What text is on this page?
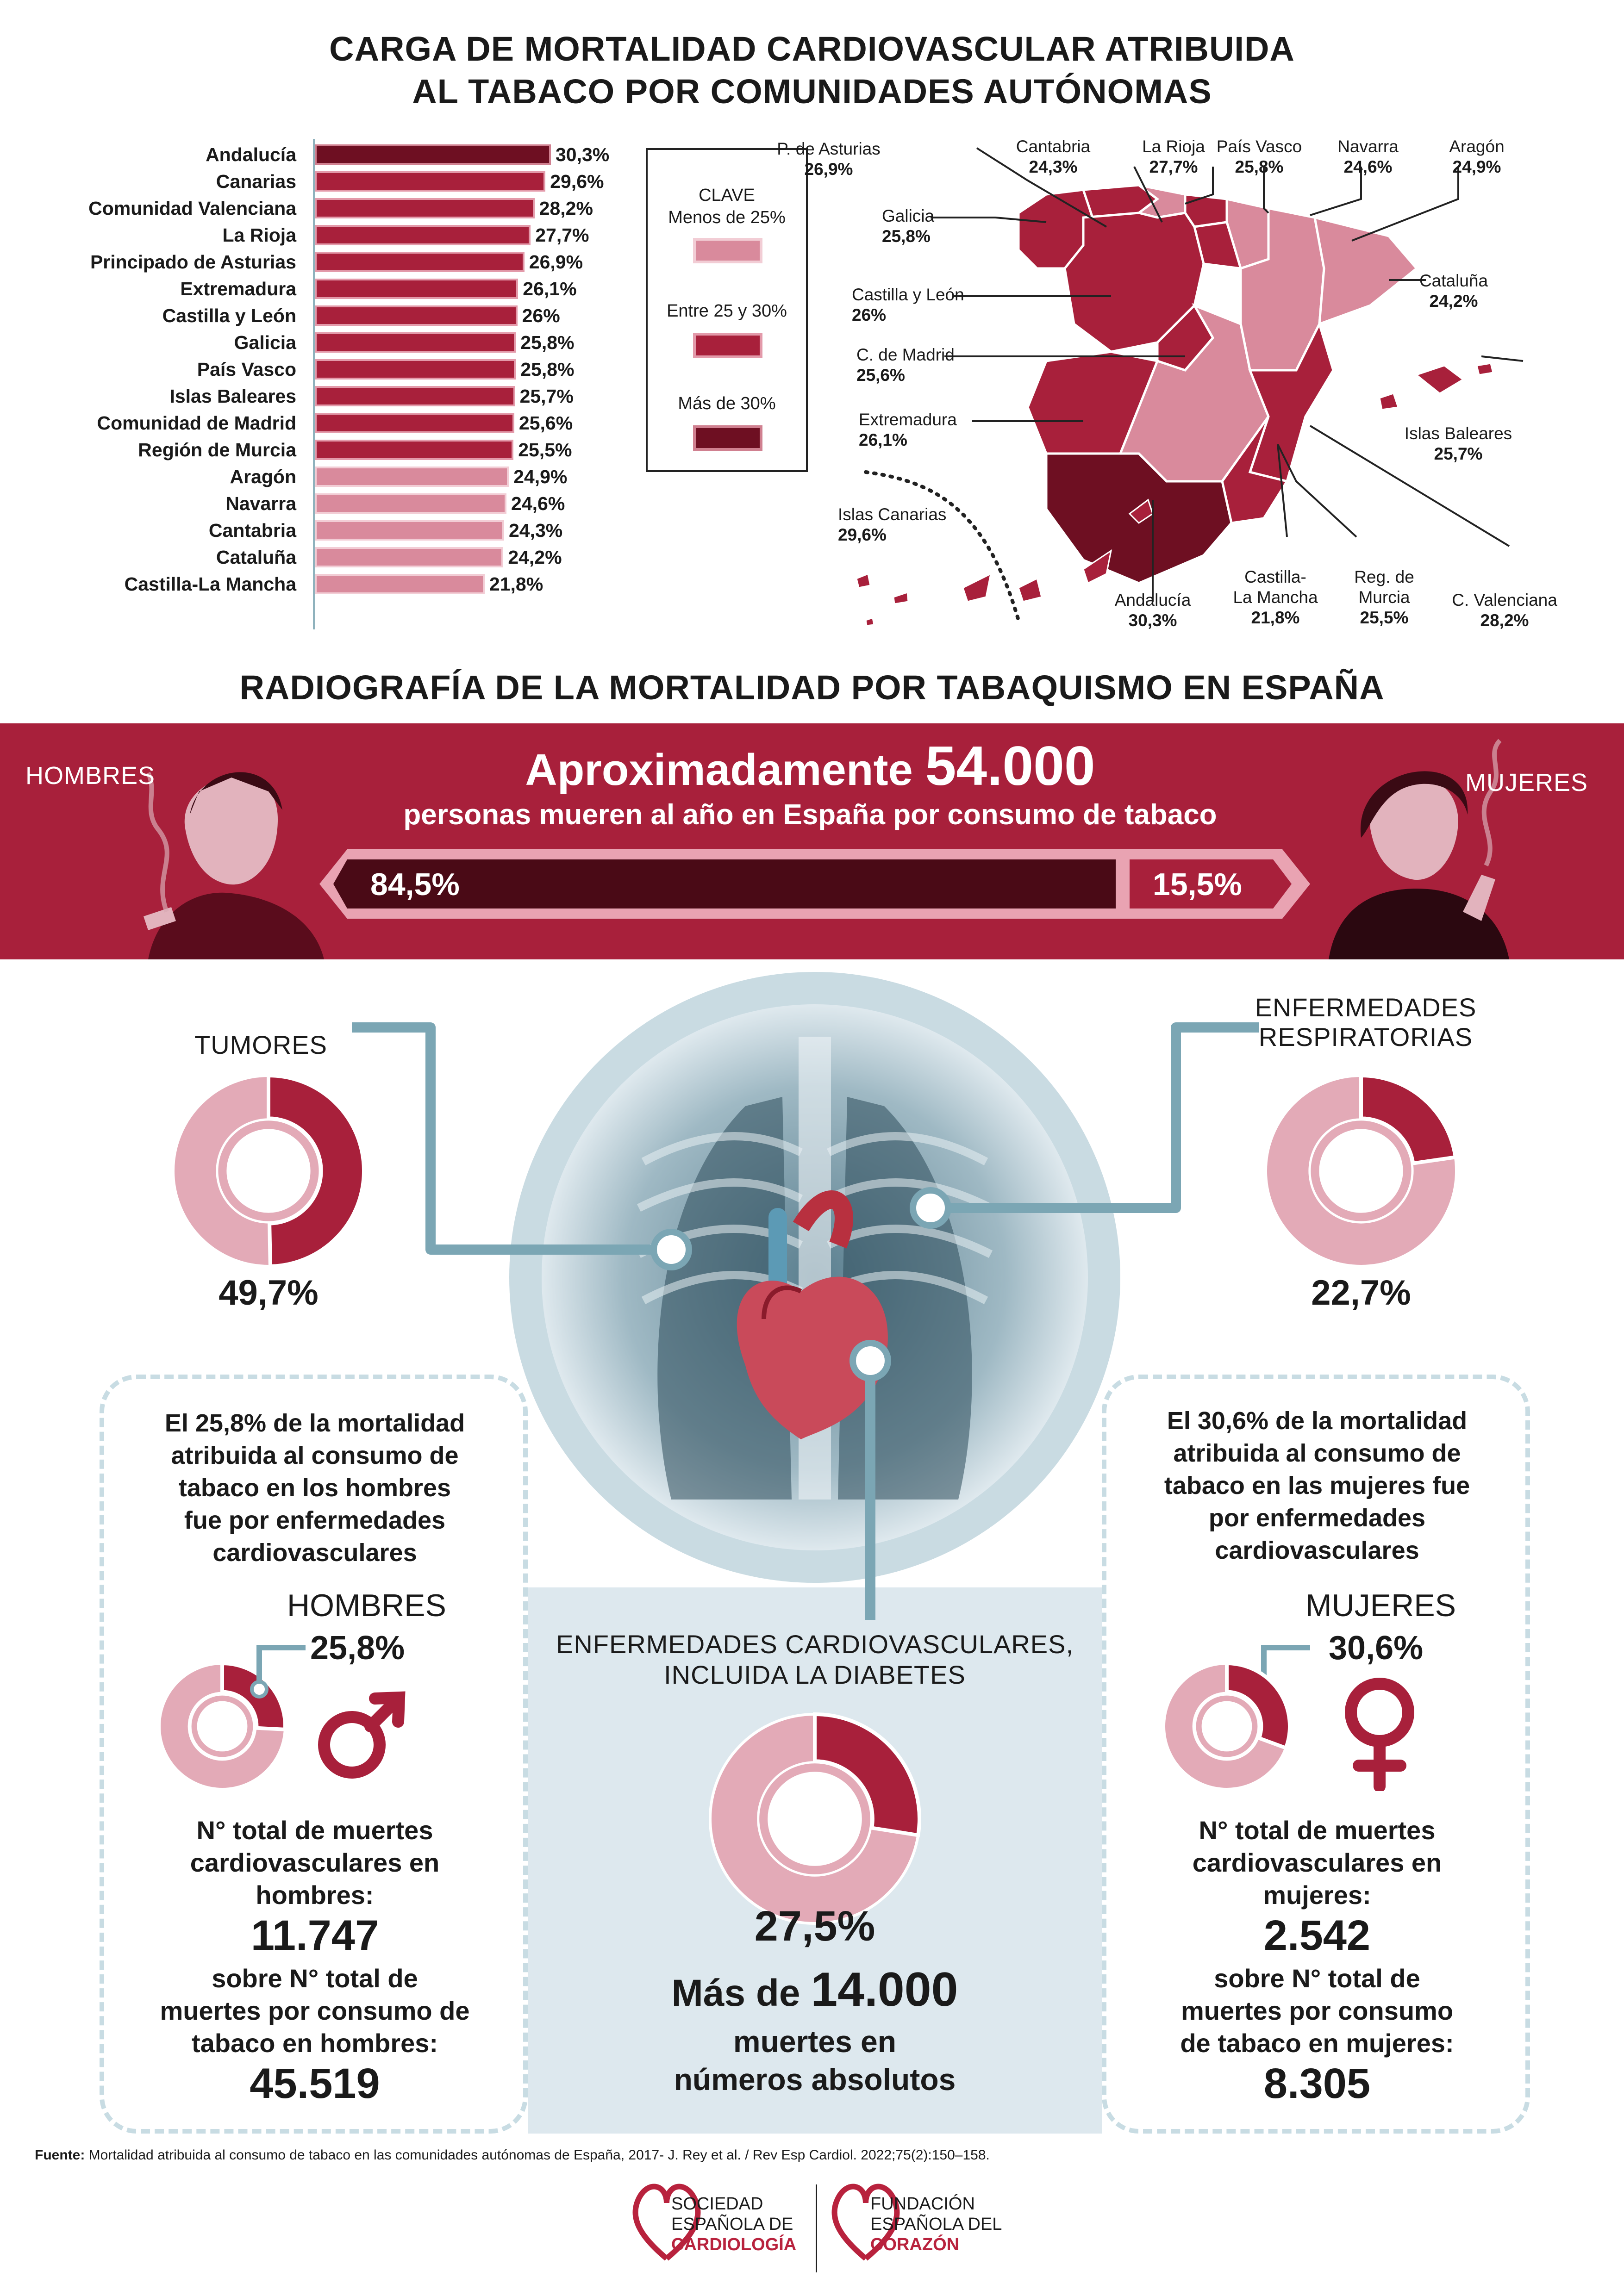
CARGA DE MORTALIDAD CARDIOVASCULAR ATRIBUIDA
AL TABACO POR COMUNIDADES AUTÓNOMAS
Andalucía	30,3%
Canarias	29,6%
Comunidad Valenciana	28,2%
La Rioja	27,7%
Principado de Asturias	26,9%
Extremadura	26,1%
Castilla y León	26%
Galicia	25,8%
País Vasco	25,8%
Islas Baleares	25,7%
Comunidad de Madrid	25,6%
Región de Murcia	25,5%
Aragón	24,9%
Navarra	24,6%
Cantabria	24,3%
Cataluña	24,2%
Castilla-La Mancha	21,8%
CLAVE
Menos de 25%
Entre 25 y 30%
Más de 30%
P. de Asturias
26,9%
Cantabria
24,3%
La Rioja
27,7%
País Vasco
25,8%
Navarra
24,6%
Aragón
24,9%
Galicia
25,8%
Cataluña
24,2%
Castilla y León
26%
C. de Madrid
25,6%
Islas Baleares
25,7%
Extremadura
26,1%
Islas Canarias
29,6%
Andalucía
30,3%
Castilla-
La Mancha
21,8%
Reg. de
Murcia
25,5%
C. Valenciana
28,2%
RADIOGRAFÍA DE LA MORTALIDAD POR TABAQUISMO EN ESPAÑA
HOMBRES	MUJERES
Aproximadamente 54.000
personas mueren al año en España por consumo de tabaco
84,5%	15,5%
TUMORES
49,7%
ENFERMEDADES
RESPIRATORIAS
22,7%
El 25,8% de la mortalidad
atribuida al consumo de
tabaco en los hombres
fue por enfermedades
cardiovasculares
HOMBRES
25,8%
N° total de muertes
cardiovasculares en
hombres:
11.747
sobre N° total de
muertes por consumo de
tabaco en hombres:
45.519
El 30,6% de la mortalidad
atribuida al consumo de
tabaco en las mujeres fue
por enfermedades
cardiovasculares
MUJERES
30,6%
N° total de muertes
cardiovasculares en
mujeres:
2.542
sobre N° total de
muertes por consumo
de tabaco en mujeres:
8.305
ENFERMEDADES CARDIOVASCULARES,
INCLUIDA LA DIABETES
27,5%
Más de 14.000
muertes en
números absolutos
Fuente: Mortalidad atribuida al consumo de tabaco en las comunidades autónomas de España, 2017- J. Rey et al. / Rev Esp Cardiol. 2022;75(2):150–158.
SOCIEDAD
ESPAÑOLA DE
CARDIOLOGÍA
FUNDACIÓN
ESPAÑOLA DEL
CORAZÓN
